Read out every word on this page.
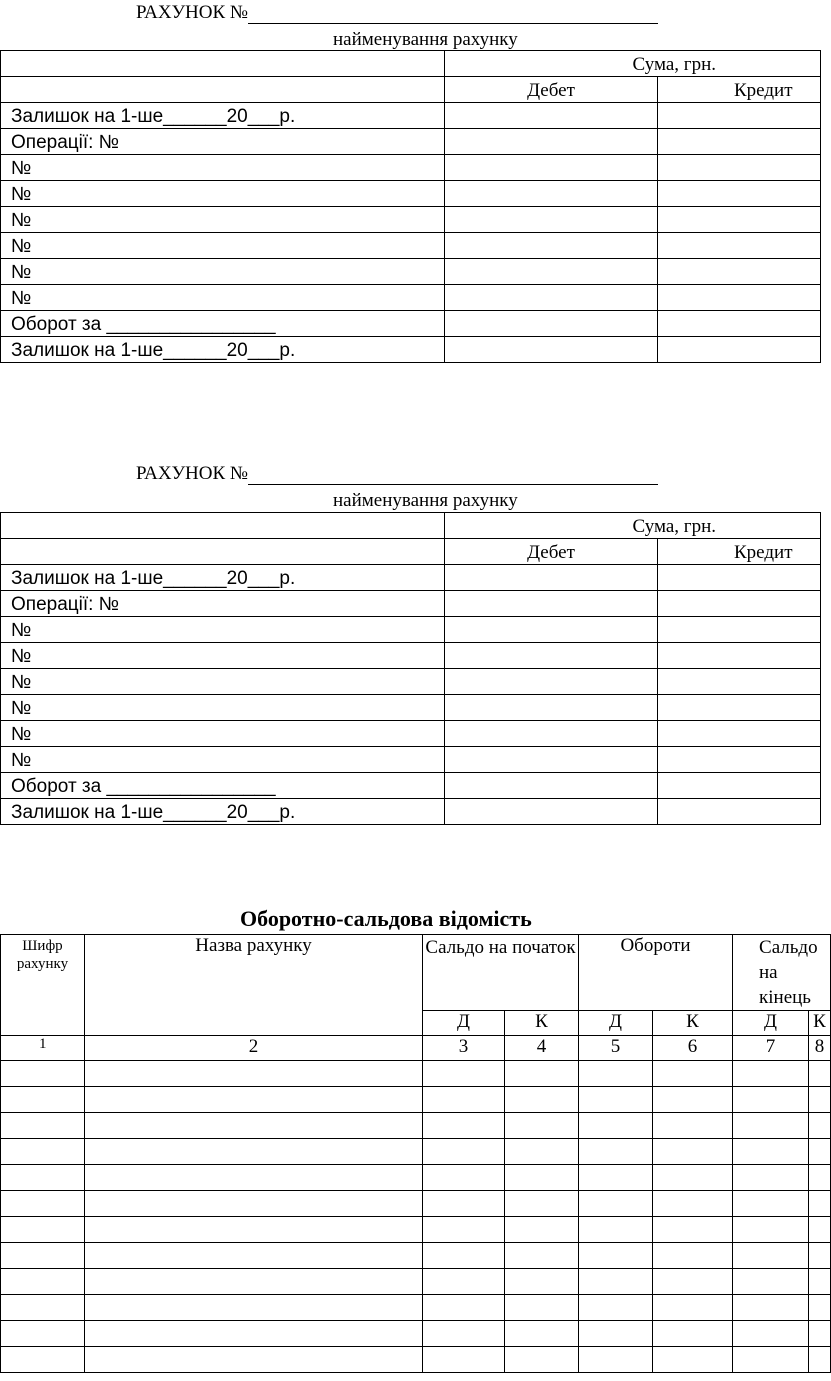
РАХУНОК №
найменування рахунку
	Сума, грн.	
	Дебет	Кредит
Залишок на 1-ше______20___р.		
Операції: №		
№		
№		
№		
№		
№		
№		
Оборот за ________________		
Залишок на 1-ше______20___р.		
РАХУНОК №
найменування рахунку
	Сума, грн.	
	Дебет	Кредит
Залишок на 1-ше______20___р.		
Операції: №		
№		
№		
№		
№		
№		
№		
Оборот за ________________		
Залишок на 1-ше______20___р.		
Оборотно-сальдова відомість
Шифр рахунку	Назва рахунку	Сальдо на початок		Обороти		Сальдо на кінець	
		Д	К	Д	К	Д	К
1	2	3	4	5	6	7	8
